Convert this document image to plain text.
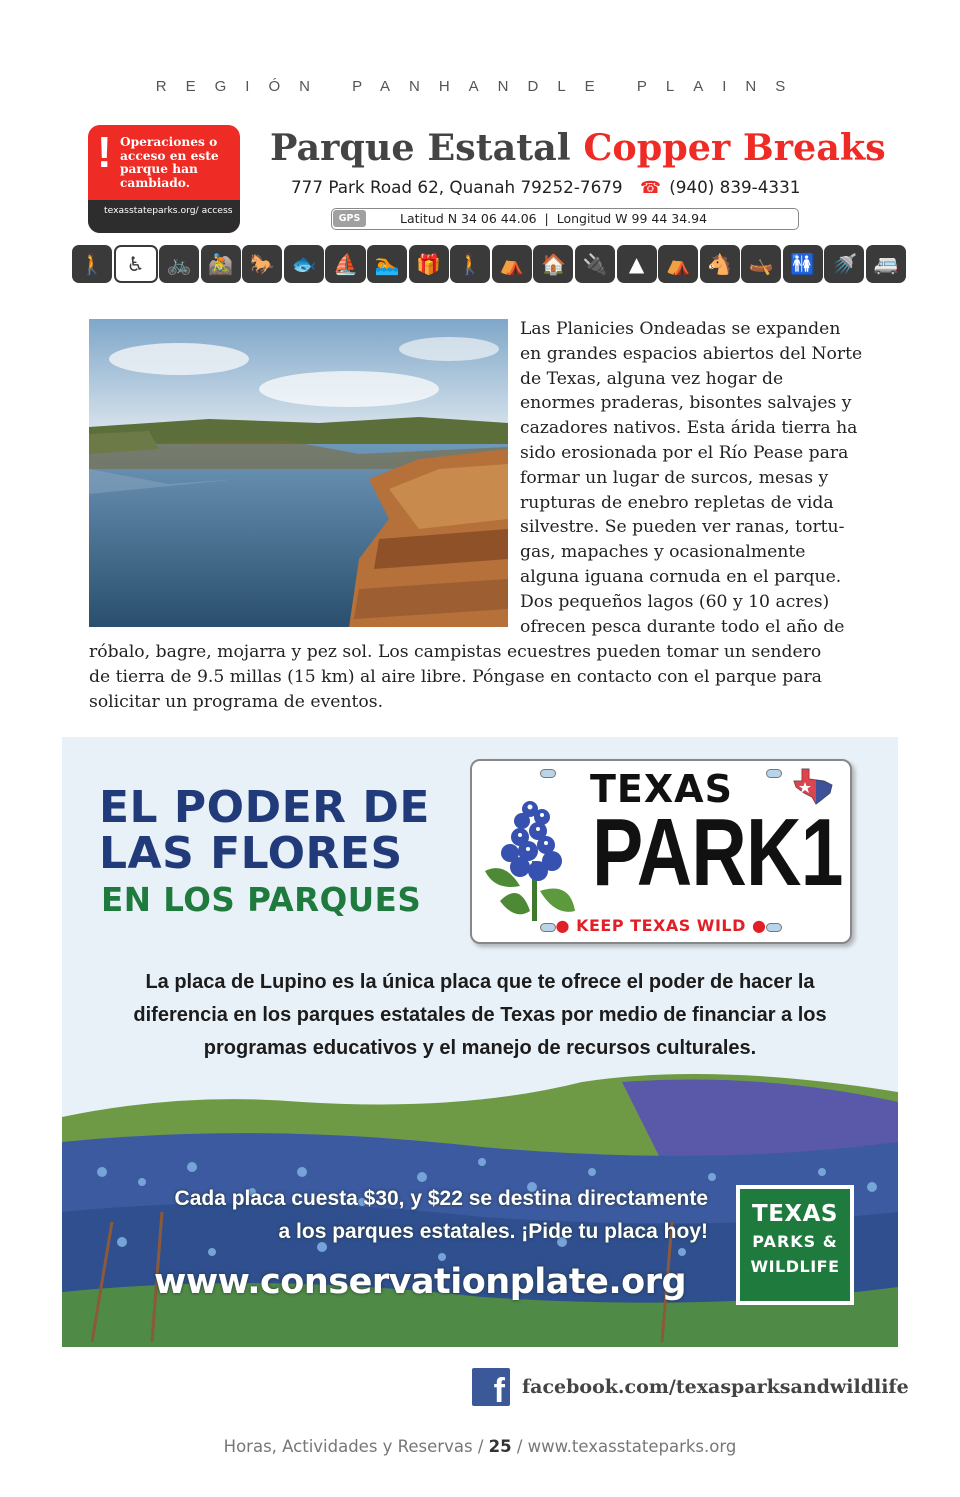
REGIÓN PANHANDLE PLAINS
! Operaciones o acceso en este parque han cambiado.
texasstateparks.org/ access
Parque Estatal Copper Breaks
777 Park Road 62, Quanah 79252-7679 ☎ (940) 839-4331
GPS	Latitud N 34 06 44.06  |  Longitud W 99 44 34.94
🚶	♿	🚲 🚵 🐎 🐟 ⛵ 🏊 🎁 🚶 ⛺ 🏠 🔌	▲	⛺ 🐴 🛶 🚻 🚿 🚐
Las Planicies Ondeadas se expanden
en grandes espacios abiertos del Norte
de Texas, alguna vez hogar de
enormes praderas, bisontes salvajes y
cazadores nativos. Esta árida tierra ha
sido erosionada por el Río Pease para
formar un lugar de surcos, mesas y
rupturas de enebro repletas de vida
silvestre. Se pueden ver ranas, tortu-
gas, mapaches y ocasionalmente
alguna iguana cornuda en el parque.
Dos pequeños lagos (60 y 10 acres)
ofrecen pesca durante todo el año de
róbalo, bagre, mojarra y pez sol. Los campistas ecuestres pueden tomar un sendero
de tierra de 9.5 millas (15 km) al aire libre. Póngase en contacto con el parque para
solicitar un programa de eventos.
EL PODER DE
LAS FLORES
EN LOS PARQUES
TEXAS
PARK1
● KEEP TEXAS WILD ●
La placa de Lupino es la única placa que te ofrece el poder de hacer la
diferencia en los parques estatales de Texas por medio de financiar a los
programas educativos y el manejo de recursos culturales.
Cada placa cuesta $30, y $22 se destina directamente
a los parques estatales. ¡Pide tu placa hoy!
www.conservationplate.org
TEXAS
PARKS &
WILDLIFE
f facebook.com/texasparksandwildlife
Horas, Actividades y Reservas / 25 / www.texasstateparks.org
